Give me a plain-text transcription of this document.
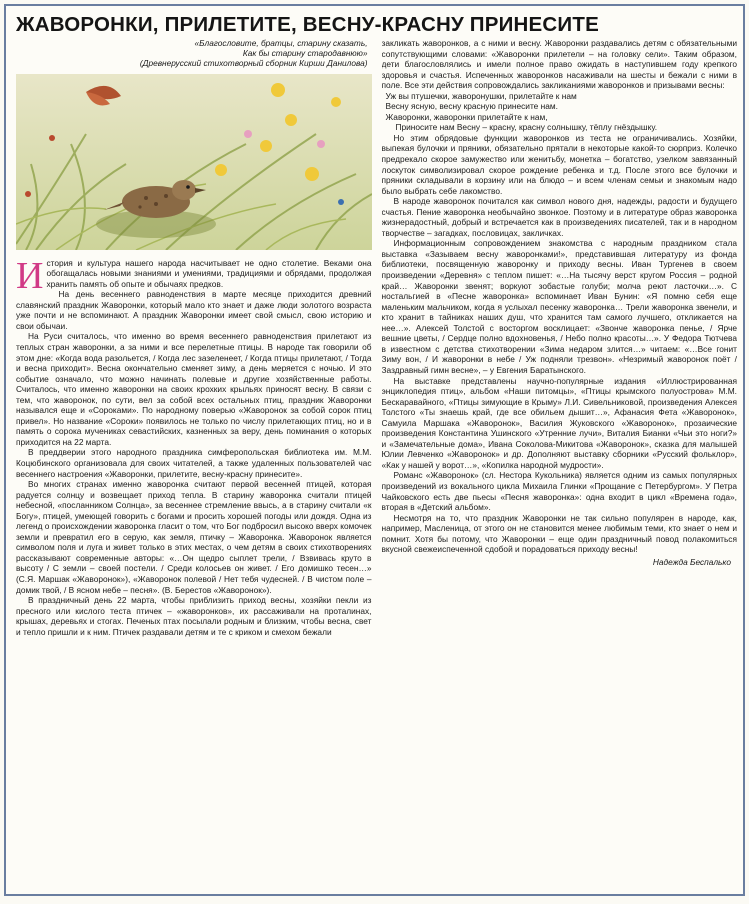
ЖАВОРОНКИ, ПРИЛЕТИТЕ, ВЕСНУ-КРАСНУ ПРИНЕСИТЕ
«Благословите, братцы, старину сказать,
Как бы старину стародавнюю»
(Древнерусский стихотворный сборник Кирши Данилова)

История и культура нашего народа насчитывает не одно столетие. Веками она обогащалась новыми знаниями и умениями, традициями и обрядами, продолжая хранить память об опыте и обычаях предков.

На день весеннего равноденствия в марте месяце приходится древний славянский праздник Жаворонки, который мало кто знает и даже люди золотого возраста уже почти и не вспоминают. А праздник Жаворонки имеет свой смысл, свою историю и свои обычаи.

На Руси считалось, что именно во время весеннего равноденствия прилетают из теплых стран жаворонки, а за ними и все перелетные птицы. В народе так говорили об этом дне: «Когда вода разольется, / Когда лес зазеленеет, / Когда птицы прилетают, / Тогда и весна приходит». Весна окончательно сменяет зиму, а день меряется с ночью. И это событие означало, что можно начинать полевые и другие хозяйственные работы. Считалось, что именно жаворонки на своих крохких крыльях приносят весну. В связи с тем, что жаворонок, по сути, вел за собой всех остальных птиц, праздник Жаворонки назывался еще и «Сороками». По народному поверью «Жаворонок за собой сорок птиц привел». Но название «Сороки» появилось не только по числу прилетающих птиц, но и в память о сорока мучениках севастийских, казненных за веру, день поминания о которых приходится на 22 марта.

В преддверии этого народного праздника симферопольская библиотека им. М.М. Коцюбинского организовала для своих читателей, а также удаленных пользователей час весеннего настроения «Жаворонки, прилетите, весну-красну принесите».

Во многих странах именно жаворонка считают первой весенней птицей, которая радуется солнцу и возвещает приход тепла. В старину жаворонка считали птицей небесной, «посланником Солнца», за весеннее стремление ввысь, а в старину считали «к Богу», птицей, умеющей говорить с богами и просить хорошей погоды или дождя. Одна из легенд о происхождении жаворонка гласит о том, что Бог подбросил высоко вверх комочек земли и превратил его в серую, как земля, птичку – Жаворонка. Жаворонок является символом поля и луга и живет только в этих местах, о чем детям в своих стихотворениях рассказывают современные авторы: «…Он щедро сыплет трели, / Взвивась круто в высоту / С земли – своей постели. / Среди колосьев он живет. / Его домишко тесен…» (С.Я. Маршак «Жаворонок»), «Жаворонок полевой / Нет тебя чудесней. / В чистом поле – домик твой, / В ясном небе – песня». (В. Берестов «Жаворонок»).

В праздничный день 22 марта, чтобы приблизить приход весны, хозяйки пекли из пресного или кислого теста птичек – «жаворонков», их рассаживали на проталинах, крышах, деревьях и стогах. Печеных птах посылали родным и близким, чтобы весна, свет и тепло пришли и к ним. Птичек раздавали детям и те с криком и смехом бежали

закликать жаворонков, а с ними и весну. Жаворонки раздавались детям с обязательными сопутствующими словами: «Жаворонки прилетели – на головку сели». Таким образом, дети благословлялись и имели полное право ожидать в наступившем году крепкого здоровья и счастья. Испеченных жаворонков насаживали на шесты и бежали с ними в поле. Все эти действия сопровождались закликаниями жаворонков и призывами весны:

Уж вы птушечки, жаворонушки, прилетайте к нам
Весну ясную, весну красную принесите нам.
Жаворонки, жаворонки прилетайте к нам,
Приносите нам Весну – красну, красну солнышку, тёплу гнёздышку.

Но этим обрядовые функции жаворонков из теста не ограничивались. Хозяйки, выпекая булочки и пряники, обязательно прятали в некоторые какой-то сюрприз. Колечко предрекало скорое замужество или женитьбу, монетка – богатство, узелком завязанный лоскуток символизировал скорое рождение ребенка и т.д. После этого все булочки и пряники складывали в корзину или на блюдо – и всем членам семьи и знакомым надо было выбрать себе лакомство.

В народе жаворонок почитался как символ нового дня, надежды, радости и будущего счастья. Пение жаворонка необычайно звонкое. Поэтому и в литературе образ жаворонка жизнерадостный, добрый и встречается как в произведениях писателей, так и в народном творчестве – загадках, пословицах, закличках.

Информационным сопровождением знакомства с народным праздником стала выставка «Зазываем весну жаворонками!», представившая литературу из фонда библиотеки, посвященную жаворонку и приходу весны. Иван Тургенев в своем произведении «Деревня» с теплом пишет: «…На тысячу верст кругом Россия – родной край… Жаворонки звенят; воркуют зобастые голуби; молча реют ласточки…». С ностальгией в «Песне жаворонка» вспоминает Иван Бунин: «Я помню себя еще маленьким мальчиком, когда я услыхал песенку жаворонка… Трели жаворонка звенели, и кто хранит в тайниках наших душ, что хранится там самого лучшего, откликается на нее…». Алексей Толстой с восторгом восклицает: «Звонче жаворонка пенье, / Ярче вешние цветы, / Сердце полно вдохновенья, / Небо полно красоты…». У Федора Тютчева в известном с детства стихотворении «Зима недаром злится…» читаем: «…Все гонит Зиму вон, / И жаворонки в небе / Уж подняли трезвон». «Незримый жаворонок поёт / Заздравный гимн весне», – у Евгения Баратынского.

На выставке представлены научно-популярные издания «Иллюстрированная энциклопедия птиц», альбом «Наши питомцы», «Птицы крымского полуострова» М.М. Бескаравайного, «Птицы зимующие в Крыму» Л.И. Сивельниковой, произведения Алексея Толстого «Ты знаешь край, где все обильем дышит…», Афанасия Фета «Жаворонок», Самуила Маршака «Жаворонок», Василия Жуковского «Жаворонок», прозаические произведения Константина Ушинского «Утренние лучи», Виталия Бианки «Чьи это ноги?» и «Замечательные дома», Ивана Соколова-Микитова «Жаворонок», сказка для малышей Юлии Левченко «Жаворонок» и др. Дополняют выставку сборники «Русский фольклор», «Как у нашей у ворот…», «Копилка народной мудрости».

Романс «Жаворонок» (сл. Нестора Кукольника) является одним из самых популярных произведений из вокального цикла Михаила Глинки «Прощание с Петербургом». У Петра Чайковского есть две пьесы «Песня жаворонка»: одна входит в цикл «Времена года», вторая в «Детский альбом».

Несмотря на то, что праздник Жаворонки не так сильно популярен в народе, как, например, Масленица, от этого он не становится менее любимым теми, кто знает о нем и помнит. Хотя бы потому, что Жаворонки – еще один праздничный повод полакомиться вкусной свежеиспеченной сдобой и порадоваться приходу весны!

Надежда Беспалько
